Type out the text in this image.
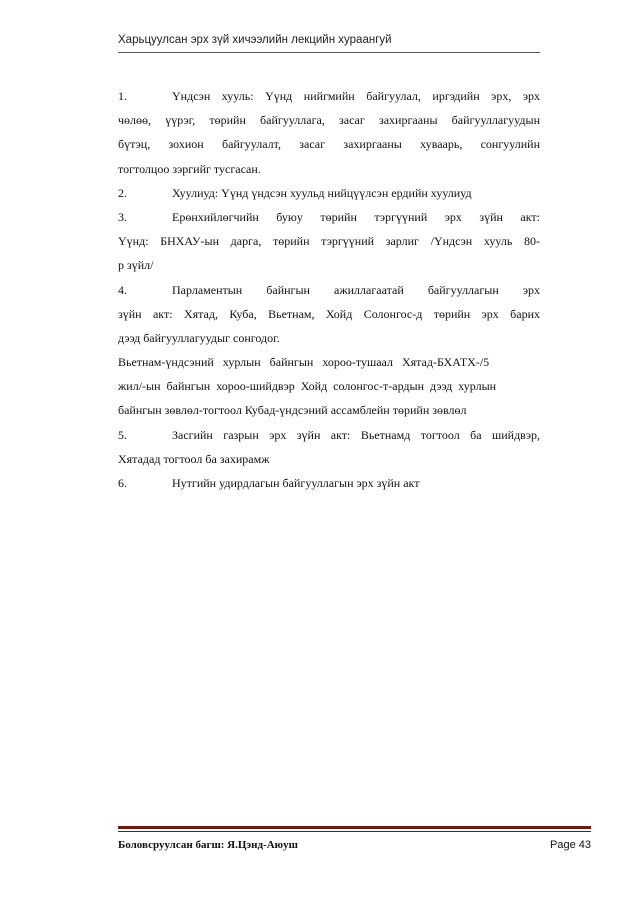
Харьцуулсан эрх зүй хичээлийн лекцийн хураангуй
1.	Үндсэн хууль: Үүнд нийгмийн байгуулал, иргэдийн эрх, эрх
чөлөө, үүрэг, төрийн байгууллага, засаг захиргааны байгууллагуудын
бүтэц, зохион байгуулалт, засаг захиргааны хуваарь, сонгуулийн
тогтолцоо зэргийг тусгасан.
2.	Хуулиуд: Үүнд үндсэн хуульд нийцүүлсэн ердийн хуулиуд
3.	Ерөнхийлөгчийн буюу төрийн тэргүүний эрх зүйн акт:
Үүнд: БНХАУ-ын дарга, төрийн тэргүүний зарлиг /Үндсэн хууль 80-
р зүйл/
4.	Парламентын байнгын ажиллагаатай байгууллагын эрх
зүйн акт: Хятад, Куба, Вьетнам, Хойд Солонгос-д төрийн эрх барих
дээд байгууллагуудыг сонгодог.
Вьетнам-үндсэний хурлын байнгын хороо-тушаал Хятад-БХАТХ-/5
жил/-ын байнгын хороо-шийдвэр Хойд солонгос-т-ардын дээд хурлын
байнгын зөвлөл-тогтоол Кубад-үндсэний ассамблейн төрийн зөвлөл
5.	Засгийн газрын эрх зүйн акт: Вьетнамд тогтоол ба шийдвэр,
Хятадад тогтоол ба захирамж
6.	Нутгийн удирдлагын байгууллагын эрх зүйн акт
Боловсруулсан багш: Я.Цэнд-Аюуш	Page 43
